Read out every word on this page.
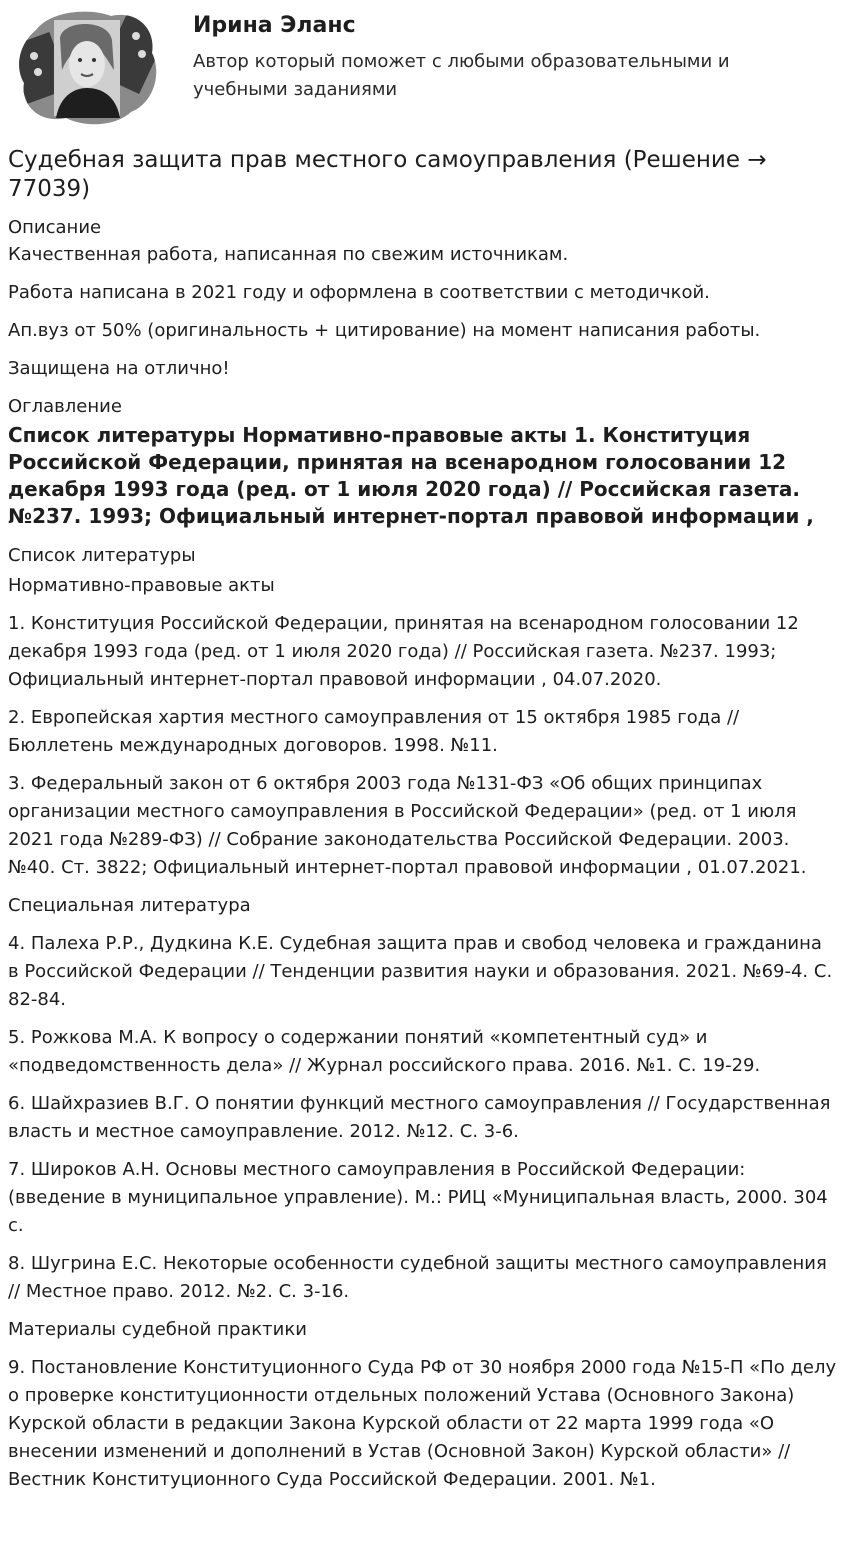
Ирина Эланс

Автор который поможет с любыми образовательными и учебными заданиями

Судебная защита прав местного самоуправления (Решение → 77039)
Описание

Качественная работа, написанная по свежим источникам.

Работа написана в 2021 году и оформлена в соответствии с методичкой.

Ап.вуз от 50% (оригинальность + цитирование) на момент написания работы.

Защищена на отлично!

Оглавление
Список литературы Нормативно-правовые акты 1. Конституция Российской Федерации, принятая на всенародном голосовании 12 декабря 1993 года (ред. от 1 июля 2020 года) // Российская газета. №237. 1993; Официальный интернет-портал правовой информации ,

Список литературы

Нормативно-правовые акты

1. Конституция Российской Федерации, принятая на всенародном голосовании 12 декабря 1993 года (ред. от 1 июля 2020 года) // Российская газета. №237. 1993; Официальный интернет-портал правовой информации , 04.07.2020.

2. Европейская хартия местного самоуправления от 15 октября 1985 года // Бюллетень международных договоров. 1998. №11.

3. Федеральный закон от 6 октября 2003 года №131-ФЗ «Об общих принципах организации местного самоуправления в Российской Федерации» (ред. от 1 июля 2021 года №289-ФЗ) // Собрание законодательства Российской Федерации. 2003. №40. Ст. 3822; Официальный интернет-портал правовой информации , 01.07.2021.

Специальная литература

4. Палеха Р.Р., Дудкина К.Е. Судебная защита прав и свобод человека и гражданина в Российской Федерации // Тенденции развития науки и образования. 2021. №69-4. С. 82-84.

5. Рожкова М.А. К вопросу о содержании понятий «компетентный суд» и «подведомственность дела» // Журнал российского права. 2016. №1. С. 19-29.

6. Шайхразиев В.Г. О понятии функций местного самоуправления // Государственная власть и местное самоуправление. 2012. №12. С. 3-6.

7. Широков А.Н. Основы местного самоуправления в Российской Федерации: (введение в муниципальное управление). М.: РИЦ «Муниципальная власть, 2000. 304 с.

8. Шугрина Е.С. Некоторые особенности судебной защиты местного самоуправления // Местное право. 2012. №2. С. 3-16.

Материалы судебной практики

9. Постановление Конституционного Суда РФ от 30 ноября 2000 года №15-П «По делу о проверке конституционности отдельных положений Устава (Основного Закона) Курской области в редакции Закона Курской области от 22 марта 1999 года «О внесении изменений и дополнений в Устав (Основной Закон) Курской области» // Вестник Конституционного Суда Российской Федерации. 2001. №1.
